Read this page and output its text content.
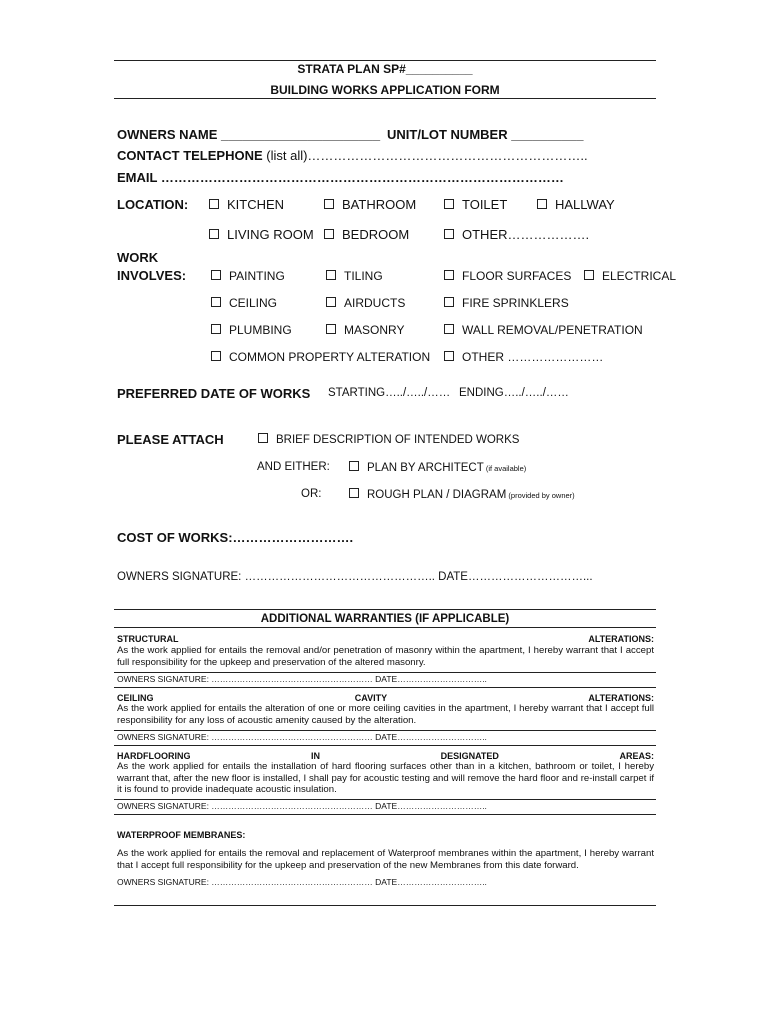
STRATA PLAN SP#__________
BUILDING WORKS APPLICATION FORM
OWNERS NAME ______________________ UNIT/LOT NUMBER __________
CONTACT TELEPHONE (list all)………………………………………………………..
EMAIL …………………………………………………………………………………
LOCATION:	KITCHEN	BATHROOM	TOILET	HALLWAY
LIVING ROOM	BEDROOM	OTHER……………….
WORK
INVOLVES:	PAINTING	TILING	FLOOR SURFACES	ELECTRICAL
CEILING	AIRDUCTS	FIRE SPRINKLERS
PLUMBING	MASONRY	WALL REMOVAL/PENETRATION
COMMON PROPERTY ALTERATION	OTHER ……………………
PREFERRED DATE OF WORKS STARTING…../…../…… ENDING…../…../……
PLEASE ATTACH	BRIEF DESCRIPTION OF INTENDED WORKS
AND EITHER:	PLAN BY ARCHITECT (if available)
OR:	ROUGH PLAN / DIAGRAM (provided by owner)
COST OF WORKS:……………………….
OWNERS SIGNATURE: ………………………………………….. DATE…………………………...
ADDITIONAL WARRANTIES (IF APPLICABLE)
STRUCTURAL	ALTERATIONS:
As the work applied for entails the removal and/or penetration of masonry within the apartment, I hereby warrant that I accept full responsibility for the upkeep and preservation of the altered masonry.
OWNERS SIGNATURE: ………………………………………………… DATE…………………………..
CEILING	CAVITY	ALTERATIONS:
As the work applied for entails the alteration of one or more ceiling cavities in the apartment, I hereby warrant that I accept full responsibility for any loss of acoustic amenity caused by the alteration.
OWNERS SIGNATURE: ………………………………………………… DATE…………………………..
HARDFLOORING	IN	DESIGNATED	AREAS:
As the work applied for entails the installation of hard flooring surfaces other than in a kitchen, bathroom or toilet, I hereby warrant that, after the new floor is installed, I shall pay for acoustic testing and will remove the hard floor and re-install carpet if it is found to provide inadequate acoustic insulation.
OWNERS SIGNATURE: ………………………………………………… DATE…………………………..
WATERPROOF MEMBRANES:
As the work applied for entails the removal and replacement of Waterproof membranes within the apartment, I hereby warrant that I accept full responsibility for the upkeep and preservation of the new Membranes from this date forward.
OWNERS SIGNATURE: ………………………………………………… DATE…………………………..
